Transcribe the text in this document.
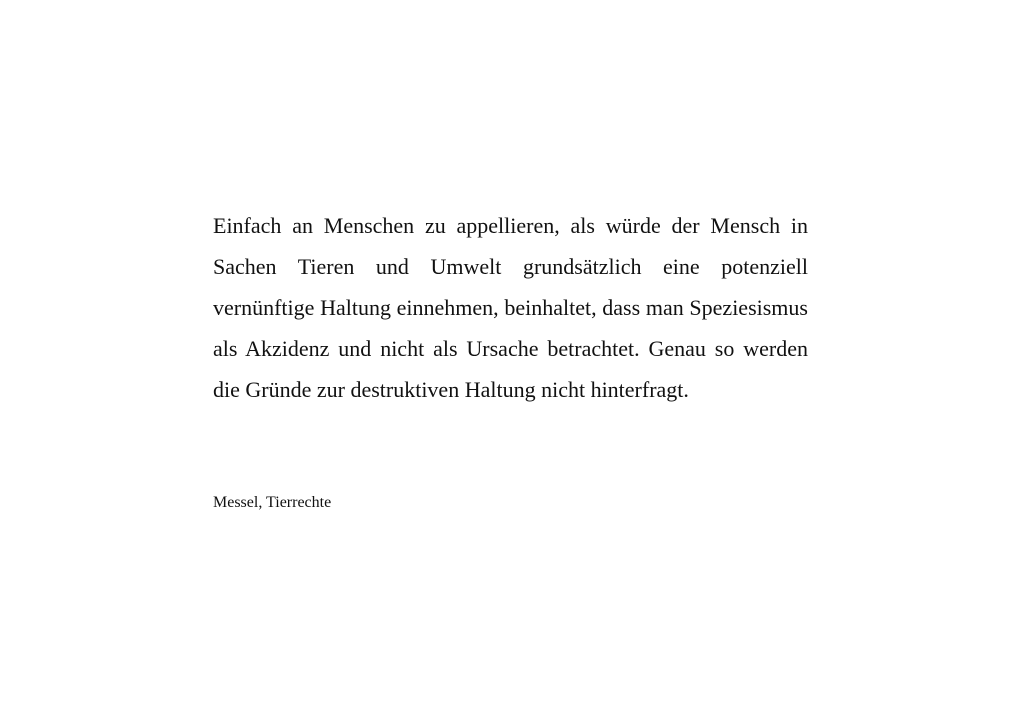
Einfach an Menschen zu appellieren, als würde der Mensch in Sachen Tieren und Umwelt grundsätzlich eine potenziell vernünftige Haltung einnehmen, beinhaltet, dass man Speziesismus als Akzidenz und nicht als Ursache betrachtet. Genau so werden die Gründe zur destruktiven Haltung nicht hinterfragt.

Messel, Tierrechte
